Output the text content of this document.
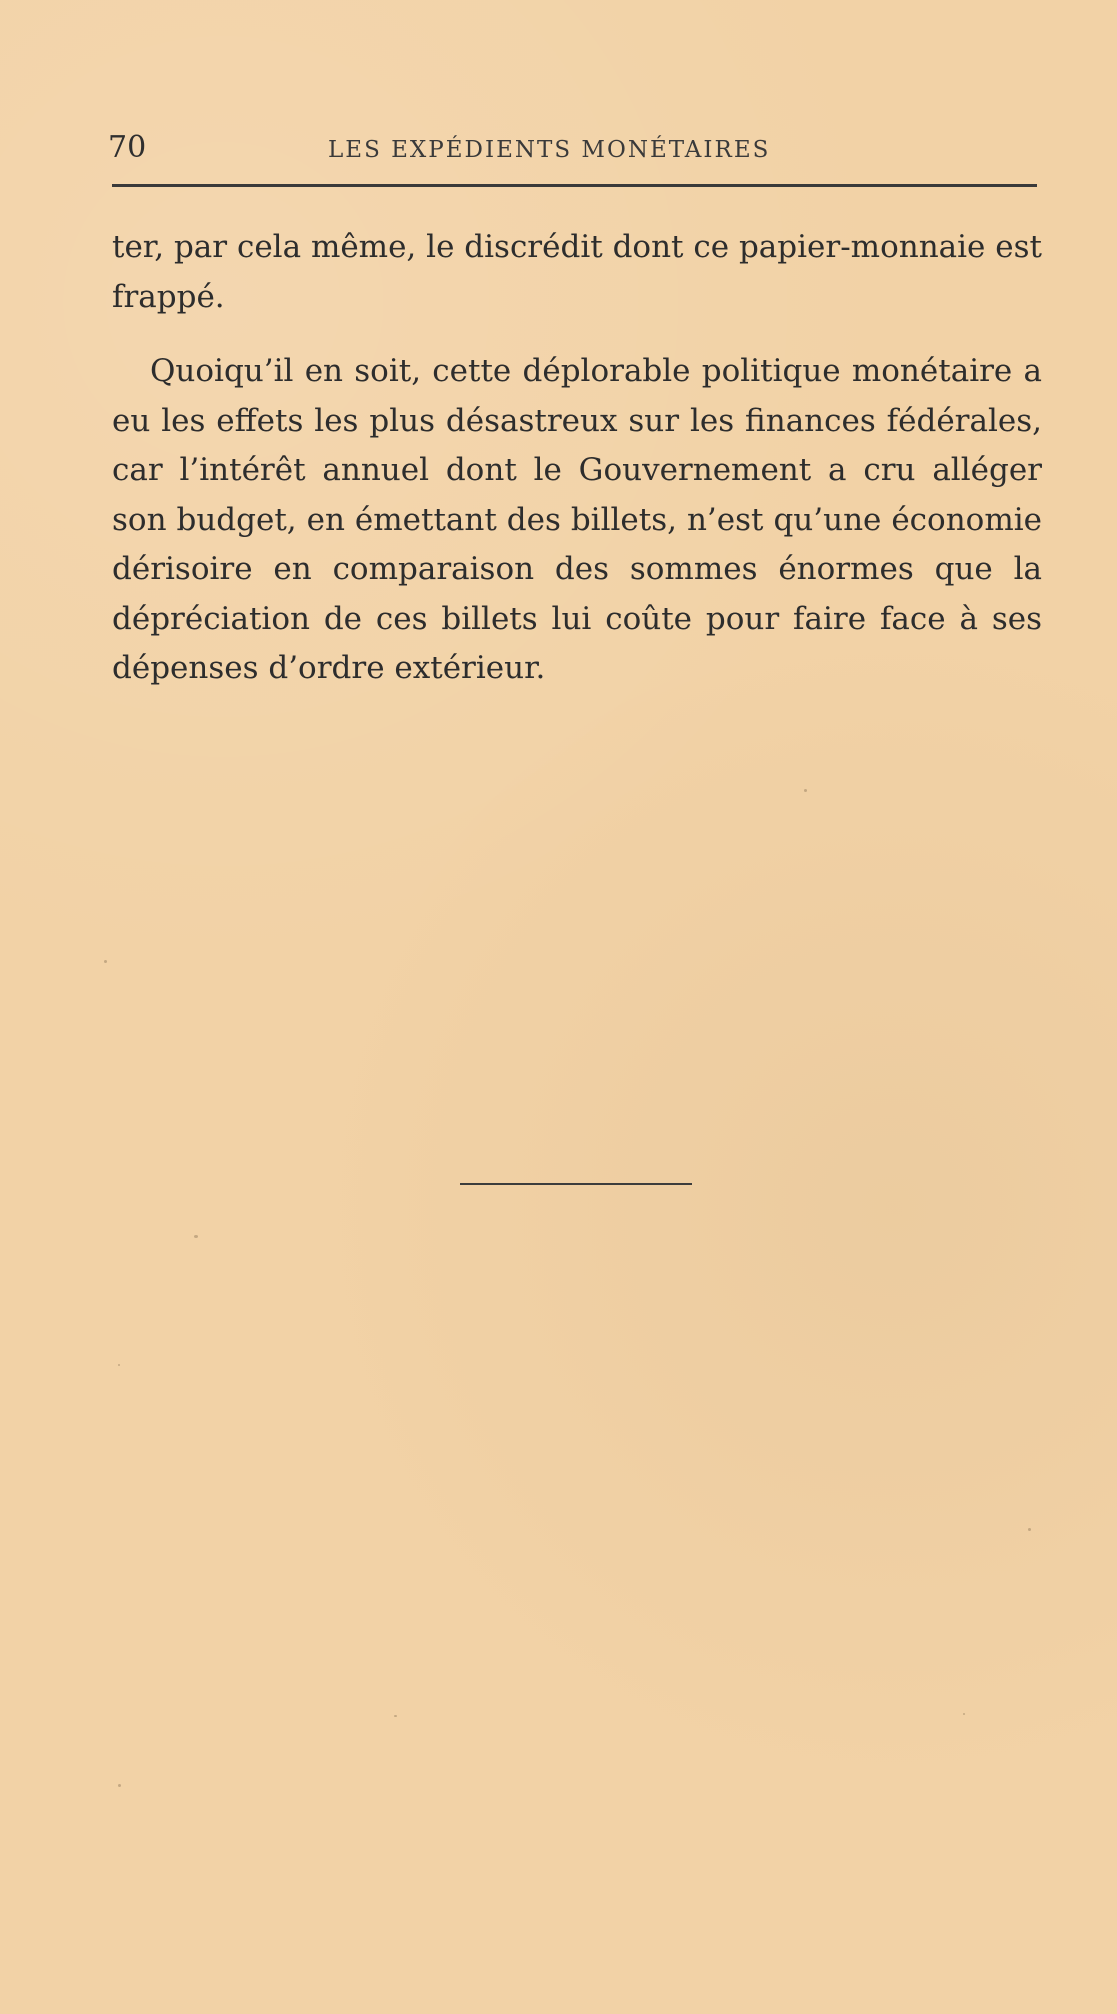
70	LES EXPÉDIENTS MONÉTAIRES

ter, par cela même, le discrédit dont ce papier-monnaie est frappé.

Quoiqu’il en soit, cette déplorable politique monétaire a eu les effets les plus désastreux sur les finances fédérales, car l’intérêt annuel dont le Gouvernement a cru alléger son budget, en émettant des billets, n’est qu’une économie dérisoire en comparaison des sommes énormes que la dépréciation de ces billets lui coûte pour faire face à ses dépenses d’ordre extérieur.
